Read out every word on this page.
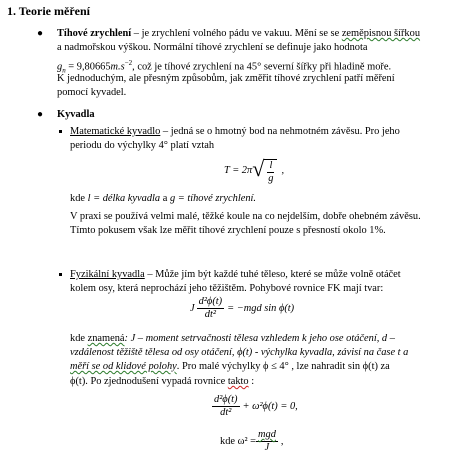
1. Teorie měření
● Tíhové zrychlení – je zrychlení volného pádu ve vakuu. Mění se se zeměpisnou šířkou
a nadmořskou výškou. Normální tíhové zrychlení se definuje jako hodnota
$g_n = 9,80665m.s^{-2}$, což je tíhové zrychlení na 45° severní šířky při hladině moře.
K jednoduchým, ale přesným způsobům, jak změřit tíhové zrychlení patří měření
pomocí kyvadel.
● Kyvadla
Matematické kyvadlo – jedná se o hmotný bod na nehmotném závěsu. Pro jeho
periodu do výchylky 4° platí vztah
T = 2π √ $\frac{l}{g}$ ,
kde l = délka kyvadla a g = tíhové zrychlení.
V praxi se používá velmi malé, těžké koule na co nejdelším, dobře ohebném závěsu.
Tímto pokusem však lze měřit tíhové zrychlení pouze s přesností okolo 1%.
Fyzikální kyvadla – Může jím být každé tuhé těleso, které se může volně otáčet
kolem osy, která neprochází jeho těžištěm. Pohybové rovnice FK mají tvar:
J $\frac{\text{d²ϕ(t)}}{\text{dt²}} = -mgd$ sin ϕ(t)
kde znamená: J – moment setrvačnosti tělesa vzhledem k jeho ose otáčení, d –
vzdálenost těžiště tělesa od osy otáčení, ϕ(t) - výchylka kyvadla, závisí na čase t a
měří se od klidové polohy. Pro malé výchylky ϕ ≤ 4° , lze nahradit sin ϕ(t) za
ϕ(t). Po zjednodušení vypadá rovnice takto :
$\frac{\text{d²ϕ(t)}}{\text{dt²}} + \omega^2\phi(t) = 0$,
kde $\omega^2 = \frac{\text{mgd}}{J}$ ,
